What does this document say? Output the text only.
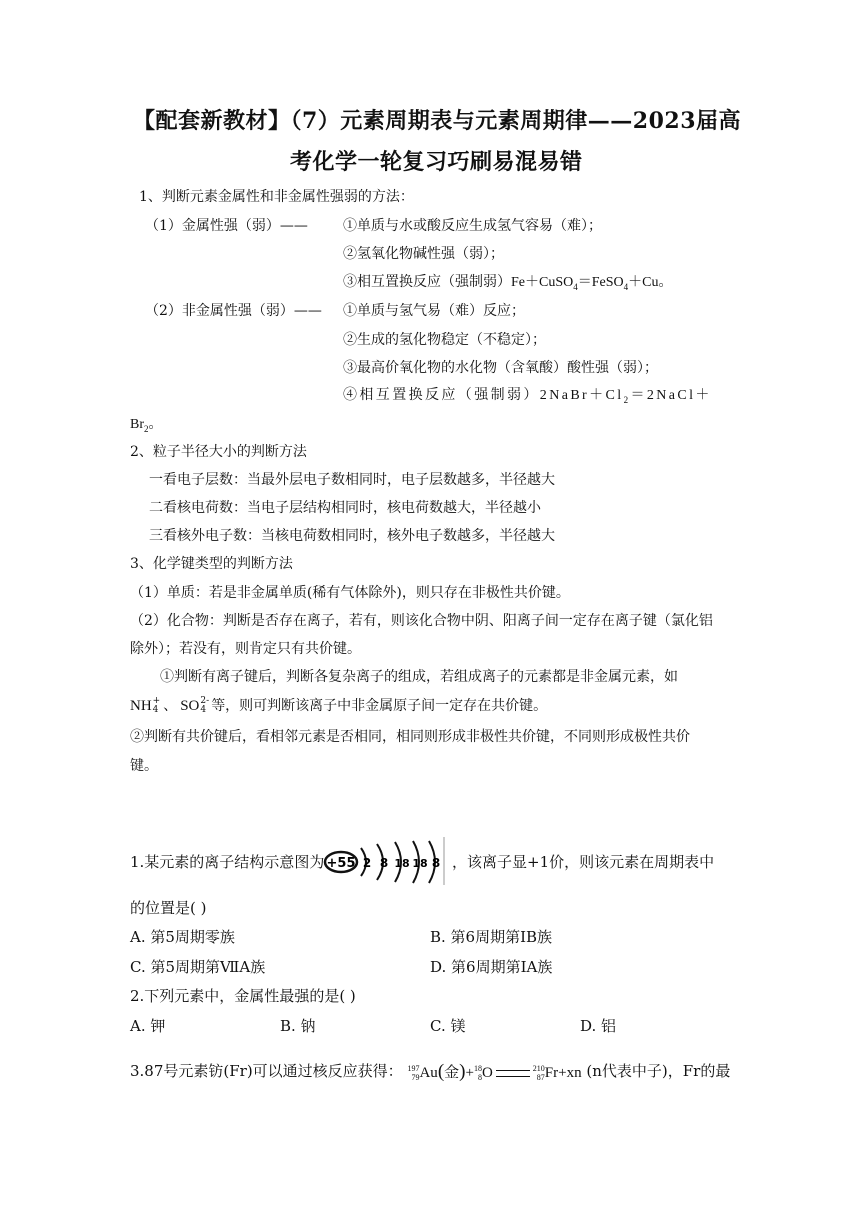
【配套新教材】（7）元素周期表与元素周期律——2023届高
考化学一轮复习巧刷易混易错
1、判断元素金属性和非金属性强弱的方法：
（1）金属性强（弱）——	①单质与水或酸反应生成氢气容易（难）；
②氢氧化物碱性强（弱）；
③相互置换反应（强制弱）Fe＋CuSO$_4$＝FeSO$_4$＋Cu。
（2）非金属性强（弱）—— ①单质与氢气易（难）反应；
②生成的氢化物稳定（不稳定）；
③最高价氧化物的水化物（含氧酸）酸性强（弱）；
④相互置换反应（强制弱）$2NaBr+Cl_2=2NaCl+$
$Br_2$。
2、粒子半径大小的判断方法
一看电子层数：当最外层电子数相同时，电子层数越多，半径越大
二看核电荷数：当电子层结构相同时，核电荷数越大，半径越小
三看核外电子数：当核电荷数相同时，核外电子数越多，半径越大
3、化学键类型的判断方法
（1）单质：若是非金属单质(稀有气体除外)，则只存在非极性共价键。
（2）化合物：判断是否存在离子，若有，则该化合物中阴、阳离子间一定存在离子键（氯化铝
除外）；若没有，则肯定只有共价键。
①判断有离子键后，判断各复杂离子的组成，若组成离子的元素都是非金属元素，如
NH +
4 、 SO 2-
4 等，则可判断该离子中非金属原子间一定存在共价键。
②判断有共价键后，看相邻元素是否相同，相同则形成非极性共价键，不同则形成极性共价
键。
1.某元素的离子结构示意图为 +55 2 8 18 18 8 ，该离子显+1价，则该元素在周期表中
的位置是( )
A. 第5周期零族	B. 第6周期第ⅠB族
C. 第5周期第ⅦA族	D. 第6周期第ⅠA族
2.下列元素中，金属性最强的是( )
A. 钾	B. 钠	C. 镁	D. 铝
3.87号元素钫(Fr)可以通过核反应获得： 197
79 Au(金)+ 18
8 O	210
87 Fr+xn (n代表中子)，Fr的最
